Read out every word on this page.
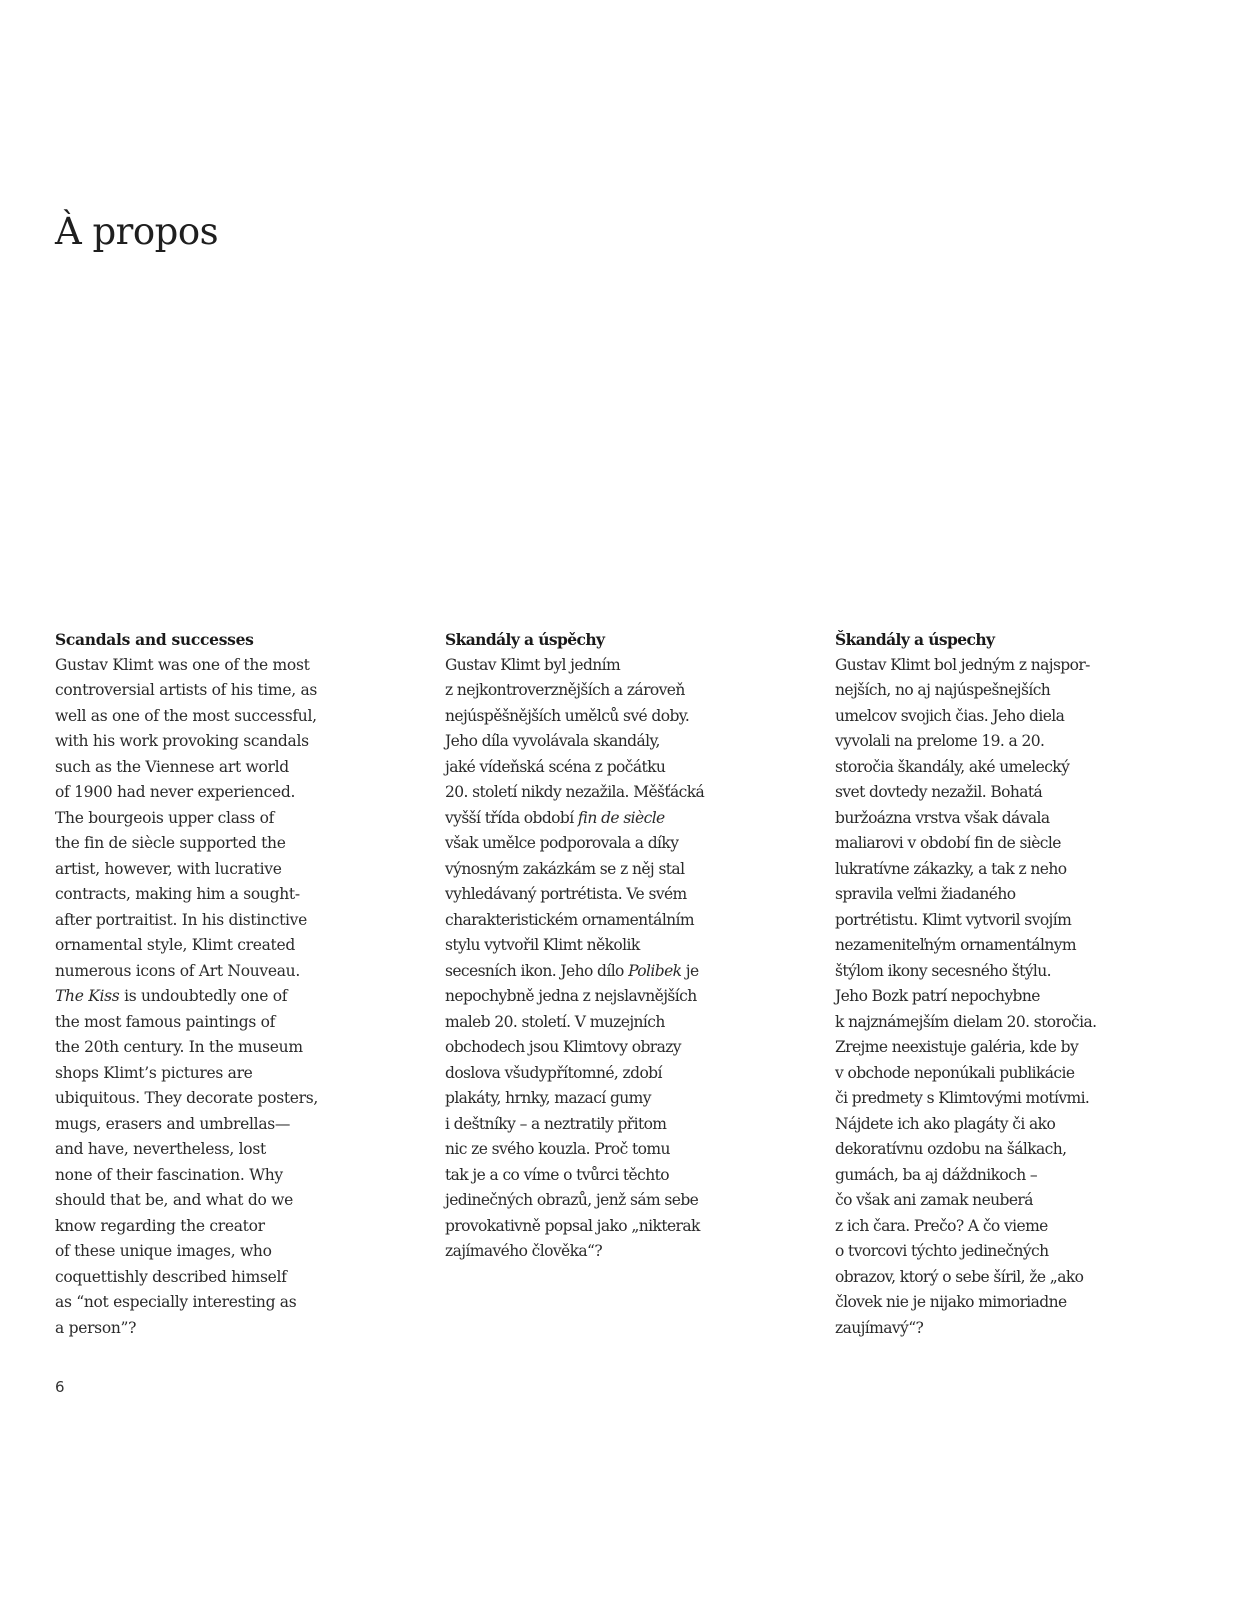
À propos
Scandals and successes

Gustav Klimt was one of the most
controversial artists of his time, as
well as one of the most successful,
with his work provoking scandals
such as the Viennese art world
of 1900 had never experienced.
The bourgeois upper class of
the fin de siècle supported the
artist, however, with lucrative
contracts, making him a sought-
after portraitist. In his distinctive
ornamental style, Klimt created
numerous icons of Art Nouveau.
The Kiss is undoubtedly one of
the most famous paintings of
the 20th century. In the museum
shops Klimt’s pictures are
ubiquitous. They decorate posters,
mugs, erasers and umbrellas—
and have, nevertheless, lost
none of their fascination. Why
should that be, and what do we
know regarding the creator
of these unique images, who
coquettishly described himself
as “not especially interesting as
a person”?

Skandály a úspěchy

Gustav Klimt byl jedním
z nejkontroverznějších a zároveň
nejúspěšnějších umělců své doby.
Jeho díla vyvolávala skandály,
jaké vídeňská scéna z počátku
20. století nikdy nezažila. Měšťácká
vyšší třída období fin de siècle
však umělce podporovala a díky
výnosným zakázkám se z něj stal
vyhledávaný portrétista. Ve svém
charakteristickém ornamentálním
stylu vytvořil Klimt několik
secesních ikon. Jeho dílo Polibek je
nepochybně jedna z nejslavnějších
maleb 20. století. V muzejních
obchodech jsou Klimtovy obrazy
doslova všudypřítomné, zdobí
plakáty, hrnky, mazací gumy
i deštníky – a neztratily přitom
nic ze svého kouzla. Proč tomu
tak je a co víme o tvůrci těchto
jedinečných obrazů, jenž sám sebe
provokativně popsal jako „nikterak
zajímavého člověka“?

Škandály a úspechy

Gustav Klimt bol jedným z najspor-
nejších, no aj najúspešnejších
umelcov svojich čias. Jeho diela
vyvolali na prelome 19. a 20.
storočia škandály, aké umelecký
svet dovtedy nezažil. Bohatá
buržoázna vrstva však dávala
maliarovi v období fin de siècle
lukratívne zákazky, a tak z neho
spravila veľmi žiadaného
portrétistu. Klimt vytvoril svojím
nezameniteľným ornamentálnym
štýlom ikony secesného štýlu.
Jeho Bozk patrí nepochybne
k najznámejším dielam 20. storočia.
Zrejme neexistuje galéria, kde by
v obchode neponúkali publikácie
či predmety s Klimtovými motívmi.
Nájdete ich ako plagáty či ako
dekoratívnu ozdobu na šálkach,
gumách, ba aj dáždnikoch –
čo však ani zamak neuberá
z ich čara. Prečo? A čo vieme
o tvorcovi týchto jedinečných
obrazov, ktorý o sebe šíril, že „ako
človek nie je nijako mimoriadne
zaujímavý“?

6
